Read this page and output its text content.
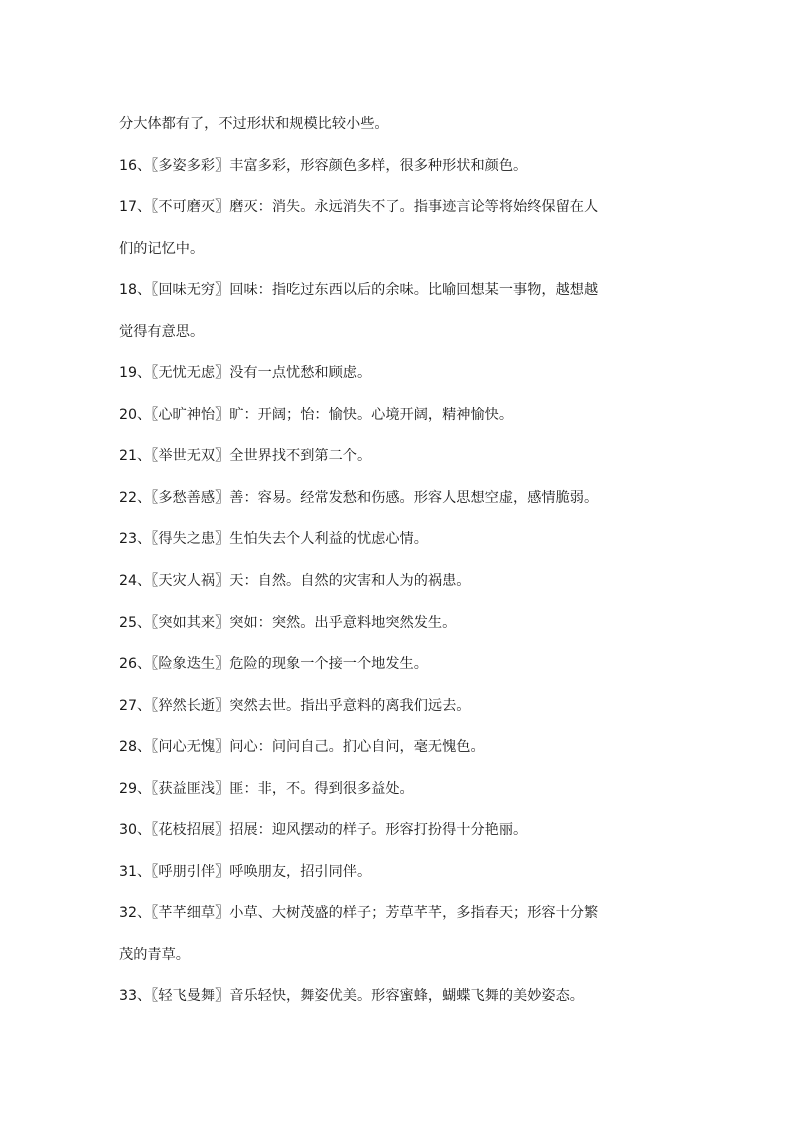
分大体都有了，不过形状和规模比较小些。
16、〖多姿多彩〗丰富多彩，形容颜色多样，很多种形状和颜色。
17、〖不可磨灭〗磨灭：消失。永远消失不了。指事迹言论等将始终保留在人
们的记忆中。
18、〖回味无穷〗回味：指吃过东西以后的余味。比喻回想某一事物，越想越
觉得有意思。
19、〖无忧无虑〗没有一点忧愁和顾虑。
20、〖心旷神怡〗旷：开阔；怡：愉快。心境开阔，精神愉快。
21、〖举世无双〗全世界找不到第二个。
22、〖多愁善感〗善：容易。经常发愁和伤感。形容人思想空虚，感情脆弱。
23、〖得失之患〗生怕失去个人利益的忧虑心情。
24、〖天灾人祸〗天：自然。自然的灾害和人为的祸患。
25、〖突如其来〗突如：突然。出乎意料地突然发生。
26、〖险象迭生〗危险的现象一个接一个地发生。
27、〖猝然长逝〗突然去世。指出乎意料的离我们远去。
28、〖问心无愧〗问心：问问自己。扪心自问，毫无愧色。
29、〖获益匪浅〗匪：非，不。得到很多益处。
30、〖花枝招展〗招展：迎风摆动的样子。形容打扮得十分艳丽。
31、〖呼朋引伴〗呼唤朋友，招引同伴。
32、〖芊芊细草〗小草、大树茂盛的样子；芳草芊芊，多指春天；形容十分繁
茂的青草。
33、〖轻飞曼舞〗音乐轻快，舞姿优美。形容蜜蜂，蝴蝶飞舞的美妙姿态。
